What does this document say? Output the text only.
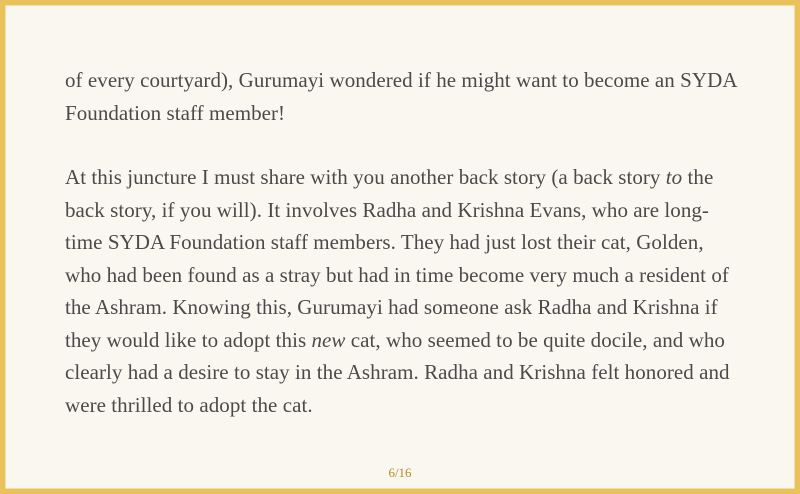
of every courtyard), Gurumayi wondered if he might want to become an SYDA Foundation staff member!

At this juncture I must share with you another back story (a back story to the back story, if you will). It involves Radha and Krishna Evans, who are long-time SYDA Foundation staff members. They had just lost their cat, Golden, who had been found as a stray but had in time become very much a resident of the Ashram. Knowing this, Gurumayi had someone ask Radha and Krishna if they would like to adopt this new cat, who seemed to be quite docile, and who clearly had a desire to stay in the Ashram. Radha and Krishna felt honored and were thrilled to adopt the cat.

6/16
